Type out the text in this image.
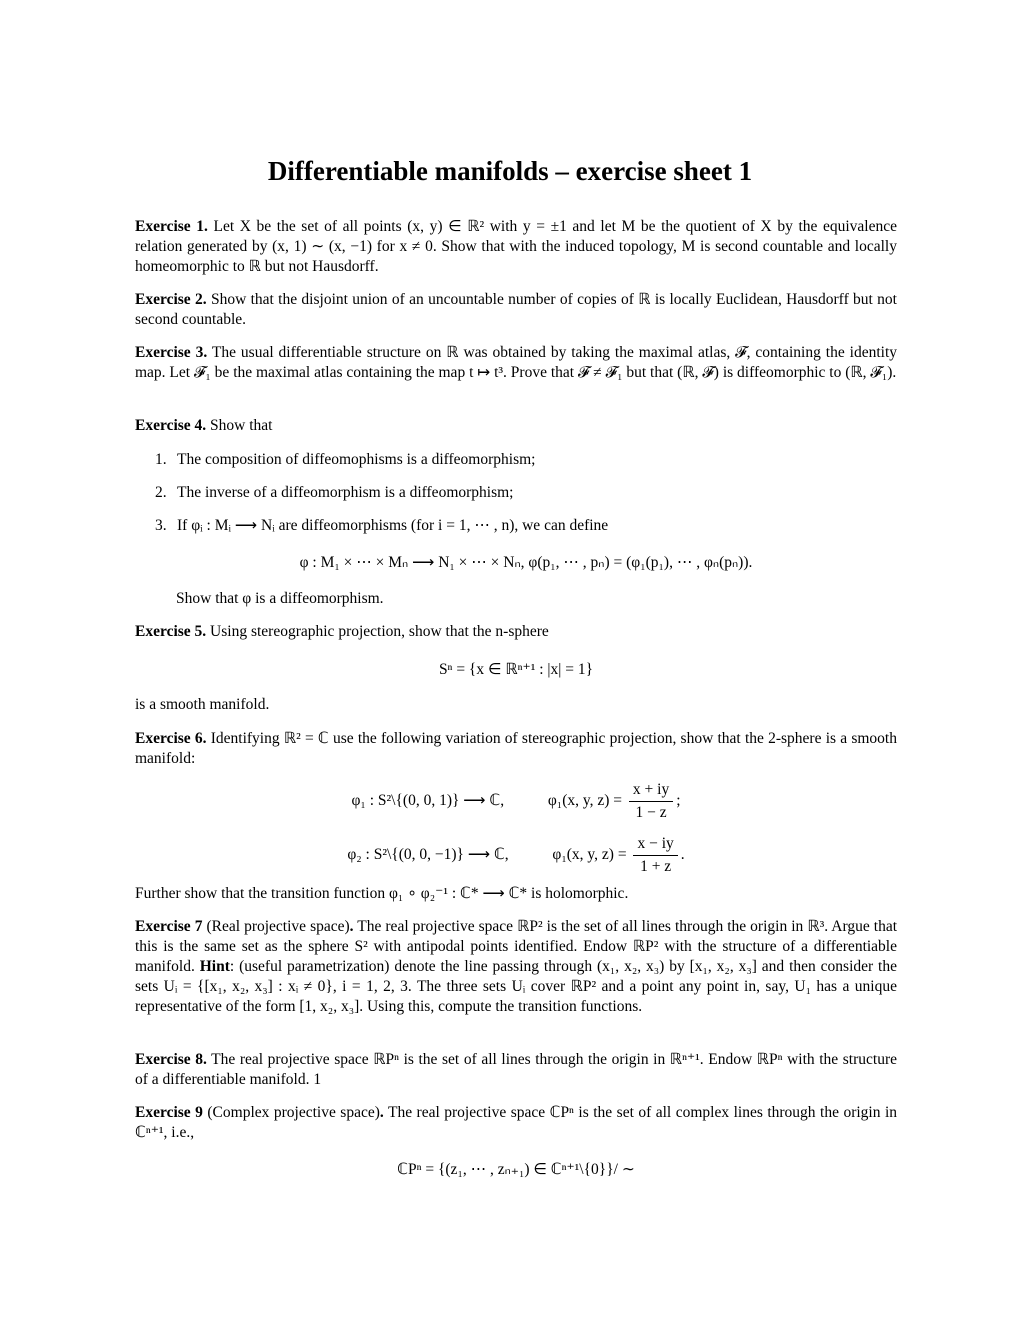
Differentiable manifolds – exercise sheet 1
Exercise 1. Let X be the set of all points (x, y) ∈ ℝ² with y = ±1 and let M be the quotient of X by the equivalence relation generated by (x, 1) ∼ (x, −1) for x ≠ 0. Show that with the induced topology, M is second countable and locally homeomorphic to ℝ but not Hausdorff.
Exercise 2. Show that the disjoint union of an uncountable number of copies of ℝ is locally Euclidean, Hausdorff but not second countable.
Exercise 3. The usual differentiable structure on ℝ was obtained by taking the maximal atlas, 𝓕, containing the identity map. Let 𝓕₁ be the maximal atlas containing the map t ↦ t³. Prove that 𝓕 ≠ 𝓕₁ but that (ℝ, 𝓕) is diffeomorphic to (ℝ, 𝓕₁).
Exercise 4. Show that
1. The composition of diffeomophisms is a diffeomorphism;
2. The inverse of a diffeomorphism is a diffeomorphism;
3. If φᵢ : Mᵢ ⟶ Nᵢ are diffeomorphisms (for i = 1, ⋯ , n), we can define
φ : M₁ × ⋯ × Mₙ ⟶ N₁ × ⋯ × Nₙ, φ(p₁, ⋯ , pₙ) = (φ₁(p₁), ⋯ , φₙ(pₙ)).
Show that φ is a diffeomorphism.
Exercise 5. Using stereographic projection, show that the n-sphere
Sⁿ = {x ∈ ℝⁿ⁺¹ : |x| = 1}
is a smooth manifold.
Exercise 6. Identifying ℝ² = ℂ use the following variation of stereographic projection, show that the 2-sphere is a smooth manifold:
φ₁ : S²\{(0, 0, 1)} ⟶ ℂ,	φ₁(x, y, $z) = \frac{x + iy}{1 - z}$ ;
φ₂ : S²\{(0, 0, −1)} ⟶ ℂ,	φ₁(x, y, $z) = \frac{x - iy}{1 + z}$ .
Further show that the transition function φ₁ ∘ φ₂⁻¹ : ℂ* ⟶ ℂ* is holomorphic.
Exercise 7 (Real projective space). The real projective space ℝP² is the set of all lines through the origin in ℝ³. Argue that this is the same set as the sphere S² with antipodal points identified. Endow ℝP² with the structure of a differentiable manifold. Hint: (useful parametrization) denote the line passing through (x₁, x₂, x₃) by [x₁, x₂, x₃] and then consider the sets Uᵢ = {[x₁, x₂, x₃] : xᵢ ≠ 0}, i = 1, 2, 3. The three sets Uᵢ cover ℝP² and a point any point in, say, U₁ has a unique representative of the form [1, x₂, x₃]. Using this, compute the transition functions.
Exercise 8. The real projective space ℝPⁿ is the set of all lines through the origin in ℝⁿ⁺¹. Endow ℝPⁿ with the structure of a differentiable manifold. 1
Exercise 9 (Complex projective space). The real projective space ℂPⁿ is the set of all complex lines through the origin in ℂⁿ⁺¹, i.e.,
ℂPⁿ = {(z₁, ⋯ , zₙ₊₁) ∈ ℂⁿ⁺¹\{0}}/ ∼
